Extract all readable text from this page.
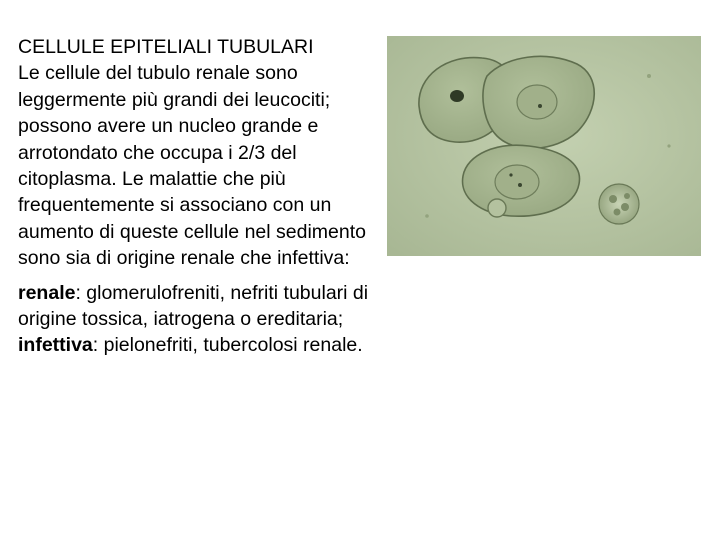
CELLULE EPITELIALI TUBULARI
Le cellule del tubulo renale sono leggermente più grandi dei leucociti; possono avere un nucleo grande e arrotondato che occupa i 2/3 del citoplasma. Le malattie che più frequentemente si associano con un aumento di queste cellule nel sedimento sono sia di origine renale che infettiva:

renale: glomerulofreniti, nefriti tubulari di origine tossica, iatrogena o ereditaria;
infettiva: pielonefriti, tubercolosi renale.
